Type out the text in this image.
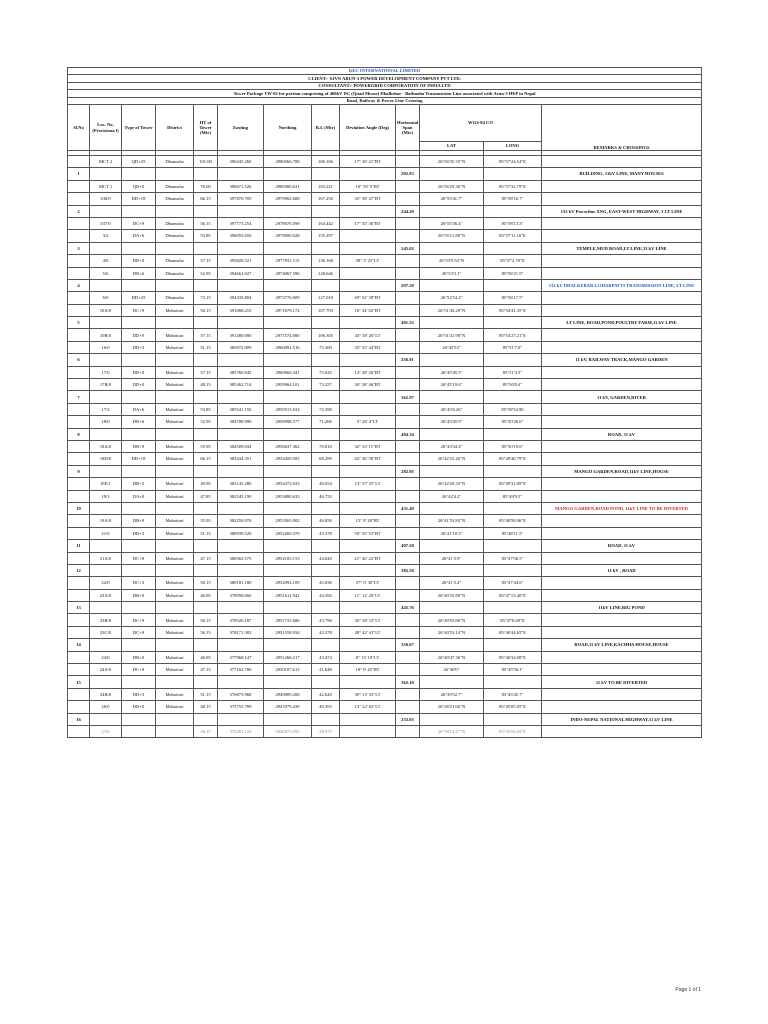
KEC INTERNATIONAL LIMITED												
CLIENT:- SJVN ARUN-3 POWER DEVELOPMENT COMPANY PVT LTD.												
CONSULTANT:- POWERGRID CORPORATION OF INDIA LTD												
Tower Package TW-02 for portion comprising of 400kV DC (Quad Moose) Dhalkebar - Bathnaha Transmission Line associated with Arun-3 HEP in Nepal												
Road, Railway & Power Line Crossing												
Sl.No	Loc. No. (Provisiona l)	Type of Tower	District	HT of Tower (Mtr)	Easting	Northing	R.L (Mtr)	Deviation Angle (Deg)	Horizontal Span (Mtr)	WGS-84 CO		REMARKS & CROSSINGS
										LAT	LONG	

	MCT 2	QD+25	Dhanusha	101.00	396445.260	2980566.708	186.106	17° 16' 21"RT		26°56'35.35"N	85°57'24.54"E	
1									292.83			BUILDING, 11kV LINE, MANY HOUSES
	MCT 1	QD+0	Dhanusha	76.00	396671.526	2980380.631	183.221	10° 59' 5"RT		26°56'29.36"N	85°57'32.79"E	
	336/0	DD+18	Dhanusha	66.15	397870.705	2979902.608	167.250	35° 58' 47"RT		26°55'41.7"	85°58'16.7"	
2									244.29			132 kV Powerline XNG, EAST-WEST HIGHWAY, 3 LT LINE
	337/0	DC+9	Dhanusha	56.15	397773.254	2978676.599	164.442	17° 53' 36"RT		26°55'36.4"	85°58'13.3"	
	3/2	DA+6	Dhanusha	53.85	396055.650	2978000.028	155.297			26°55'11.88"N	85°57'11.16"E	
3									245.02			TEMPLE,MUD ROAD,LT LINE,33 kV LINE
	4/0	DD+9	Dhanusha	57.15	395820.521	2977931.115	136.168	58° 5' 23"LT		26°53'9.54"N	85°57'2.70"E	
	5/6	DB+6	Dhanusha	52.95	394661.027	2974067.596	128.646			26°53'3.1"	85°56'21.9"	
4									297.59			132 kV DHALKEBAR-LOHARPATTI TRANSMISSION LINE, LT LINE
	6/0	DD+25	Dhanusha	73.15	394335.804	2973776.009	127.018	49° 52' 39"RT		26°52'54.2"	85°56'17.5"	
	10A/0	DC+9	Mahottari	56.15	391868.210	2971679.172	107.793	16° 34' 02"RT		26°51'45.29"N	85°54'41.35"E	
5									401.52			LT LINE, ROAD,POND,POULTRY FARM,11 kV LINE
	10B/0	DD+9	Mahottari	57.15	391480.690	2971574.080	106.305	43° 58' 26"LT		26°51'41.98"N	85°54'27.21"E	
	16/0	DD+3	Mahottari	51.15	385872.909	2960091.516	75.300	35° 53' 44"RT		26°45'53"	85°51'7.6"	
6									256.91			11 kV, RAILWAY TRACK,MANGO GARDEN
	17/0	DD+9	Mahottari	57.15	385760.845	2960660.341	75.025	14° 28' 26"RT		26°45'45.5"	85°51'3.5"	
	17B/0	DD+0	Mahottari	48.15	385462.714	2959964.101	73.257	30° 28' 46"RT		26°45'19.6"	85°50'0.4"	
7									362.97			11 kV, GARDEN,RIVER
	17/3	DA+6	Mahottari	53.85	385541.150	2959515.633	72.398			26°45'6.26"	85°50'54.90	
	18/0	DB+6	Mahottari	52.95	384708.990	2956998.577	71.206	5° 26' 4"LT		26°43'45.9"	85°50'26.6"	
8									404.34			ROAD, 11 kV
	18A/0	DB+9	Mahottari	55.95	384509.034	2956637.362	70.816	32° 33' 11"RT		26°43'34.4"	85°50'19.6"	
	18D/0	DD+18	Mahottari	66.15	383434.351	2954459.583	68.299	42° 36' 58"RT		26°42'25.26"N	85°49'40.79"E	
9									282.95			MANGO GARDEN,ROAD,11kV LINE,HOUSE
	18E/1	DB+3	Mahottari	49.95	383145.280	2954372.023	48.054	13° 57' 55"LT		26°42'20.33"N	85°49'31.09"E	
	19/1	DA+0	Mahottari	47.85	382545.190	2953880.633	46.752			26°42'4.2"	85°49'9.5"	
10									431.49			MANGO GARDEN,ROAD POND, 11kV LINE TO BE DIVERTED
	19A/0	DB+9	Mahottari	55.95	382250.976	2953565.002	46.858	15° 9' 28"RT		26°41'53.83"N	85°48'58.96"E	
	21/0	DD+3	Mahottari	51.15	380939.520	2952260.370	45.378	50° 35' 53"RT		26°41'10.5"	85°48'11.5"	
11									407.50			ROAD, 11 kV
	21A/0	DC+0	Mahottari	47.15	380563.575	2952103.153	44.620	21° 26' 22"RT		26°41'3.9"	85°47'56.5"	
12									382.50			11 kV , ROAD
	22/0	DC+3	Mahottari	50.15	380181.180	2952094.109	45.036	57° 0' 30"LT		26°41'3.4"	85°47'44.6"	
	23A/0	DB+0	Mahottari	46.95	378958.660	2951611.942	44.582	11° 12' 26"LT		26°40'35.80"N	85°47'13.40"E	
13									445.76			11kV LINE,BIG POND
	23B/0	DC+9	Mahottari	56.15	378520.187	2951731.686	43.796	35° 38' 13"LT		26°40'55.86"N	85°47'0.69"E	
	23C/0	DC+9	Mahottari	56.15	378171.302	2951558.934	43.378	28° 42' 41"LT		26°40'53.14"N	85°46'44.65"E	
14									356.67			ROAD,11 kV LINE,KACHHA HOUSE,HOUSE
	24/0	DB+0	Mahottari	46.95	377968.147	2951266.217	43.474	0° 13' 19"LT		26°40'47.36"N	85°46'32.08"E	
	24A/0	DC+0	Mahottari	47.15	377162.786	2950107.613	41.648	18° 0' 45"RT		26°40'0"	85°45'56.1"	
15									362.10			11 kV TO BE DIVERTED
	24B/0	DD+3	Mahottari	51.15	376873.968	2949089.206	42.620	39° 13' 53"LT		26°39'52.7"	85°45'45.7"	
	26/0	DD+0	Mahottari	48.15	375755.789	2947079.439	40.393	13° 22' 02"LT		26°38'21.66"N	85°45'05.05"E	
16									233.03			INDO-NEPAL NATIONAL HIGHWAY,11 kV LINE
	27/0			48.15	375491.124	2946873.055	38.973			26°38'14.27"N	85°45'04.05"E	
Page 1 of 1
